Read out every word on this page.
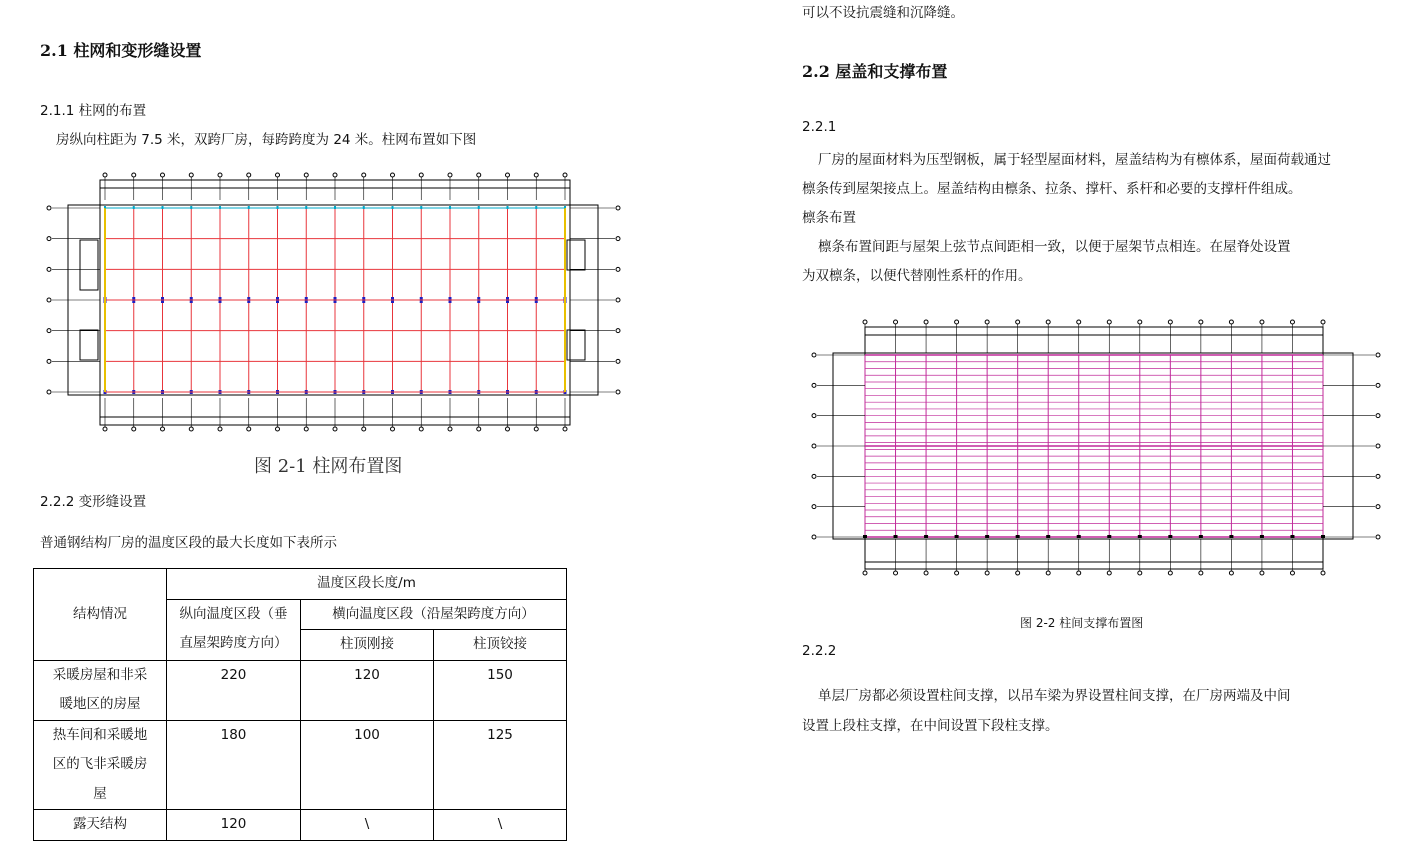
2.1 柱网和变形缝设置
2.1.1 柱网的布置
房纵向柱距为 7.5 米，双跨厂房，每跨跨度为 24 米。柱网布置如下图
图 2-1 柱网布置图
2.2.2 变形缝设置
普通钢结构厂房的温度区段的最大长度如下表所示
结构情况	温度区段长度/m		

	纵向温度区段（垂
直屋架跨度方向）	横向温度区段（沿屋架跨度方向）	
		柱顶刚接	柱顶铰接

采暖房屋和非采
暖地区的房屋	220	120	150

热车间和采暖地
区的飞非采暖房
屋	180	100	125
露天结构	120	\	\
可以不设抗震缝和沉降缝。
2.2 屋盖和支撑布置
2.2.1
厂房的屋面材料为压型钢板，属于轻型屋面材料，屋盖结构为有檩体系，屋面荷载通过
檩条传到屋架接点上。屋盖结构由檩条、拉条、撑杆、系杆和必要的支撑杆件组成。
檩条布置
檩条布置间距与屋架上弦节点间距相一致，以便于屋架节点相连。在屋脊处设置
为双檩条，以便代替刚性系杆的作用。
图 2-2 柱间支撑布置图
2.2.2
单层厂房都必须设置柱间支撑，以吊车梁为界设置柱间支撑，在厂房两端及中间
设置上段柱支撑，在中间设置下段柱支撑。
